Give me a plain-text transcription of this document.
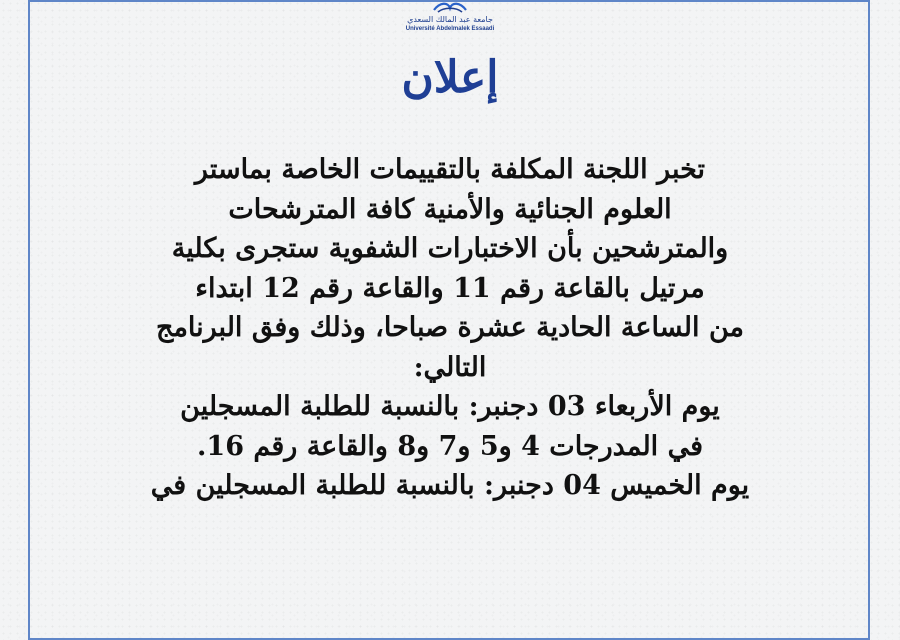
جامعة عبد المالك السعدي
Université Abdelmalek Essaadi
إعلان
تخبر اللجنة المكلفة بالتقييمات الخاصة بماستر
العلوم الجنائية والأمنية كافة المترشحات
والمترشحين بأن الاختبارات الشفوية ستجرى بكلية
مرتيل بالقاعة رقم 11 والقاعة رقم 12 ابتداء
من الساعة الحادية عشرة صباحا، وذلك وفق البرنامج
التالي:
يوم الأربعاء 03 دجنبر: بالنسبة للطلبة المسجلين
في المدرجات 4 و5 و7 و8 والقاعة رقم 16.
يوم الخميس 04 دجنبر: بالنسبة للطلبة المسجلين في
